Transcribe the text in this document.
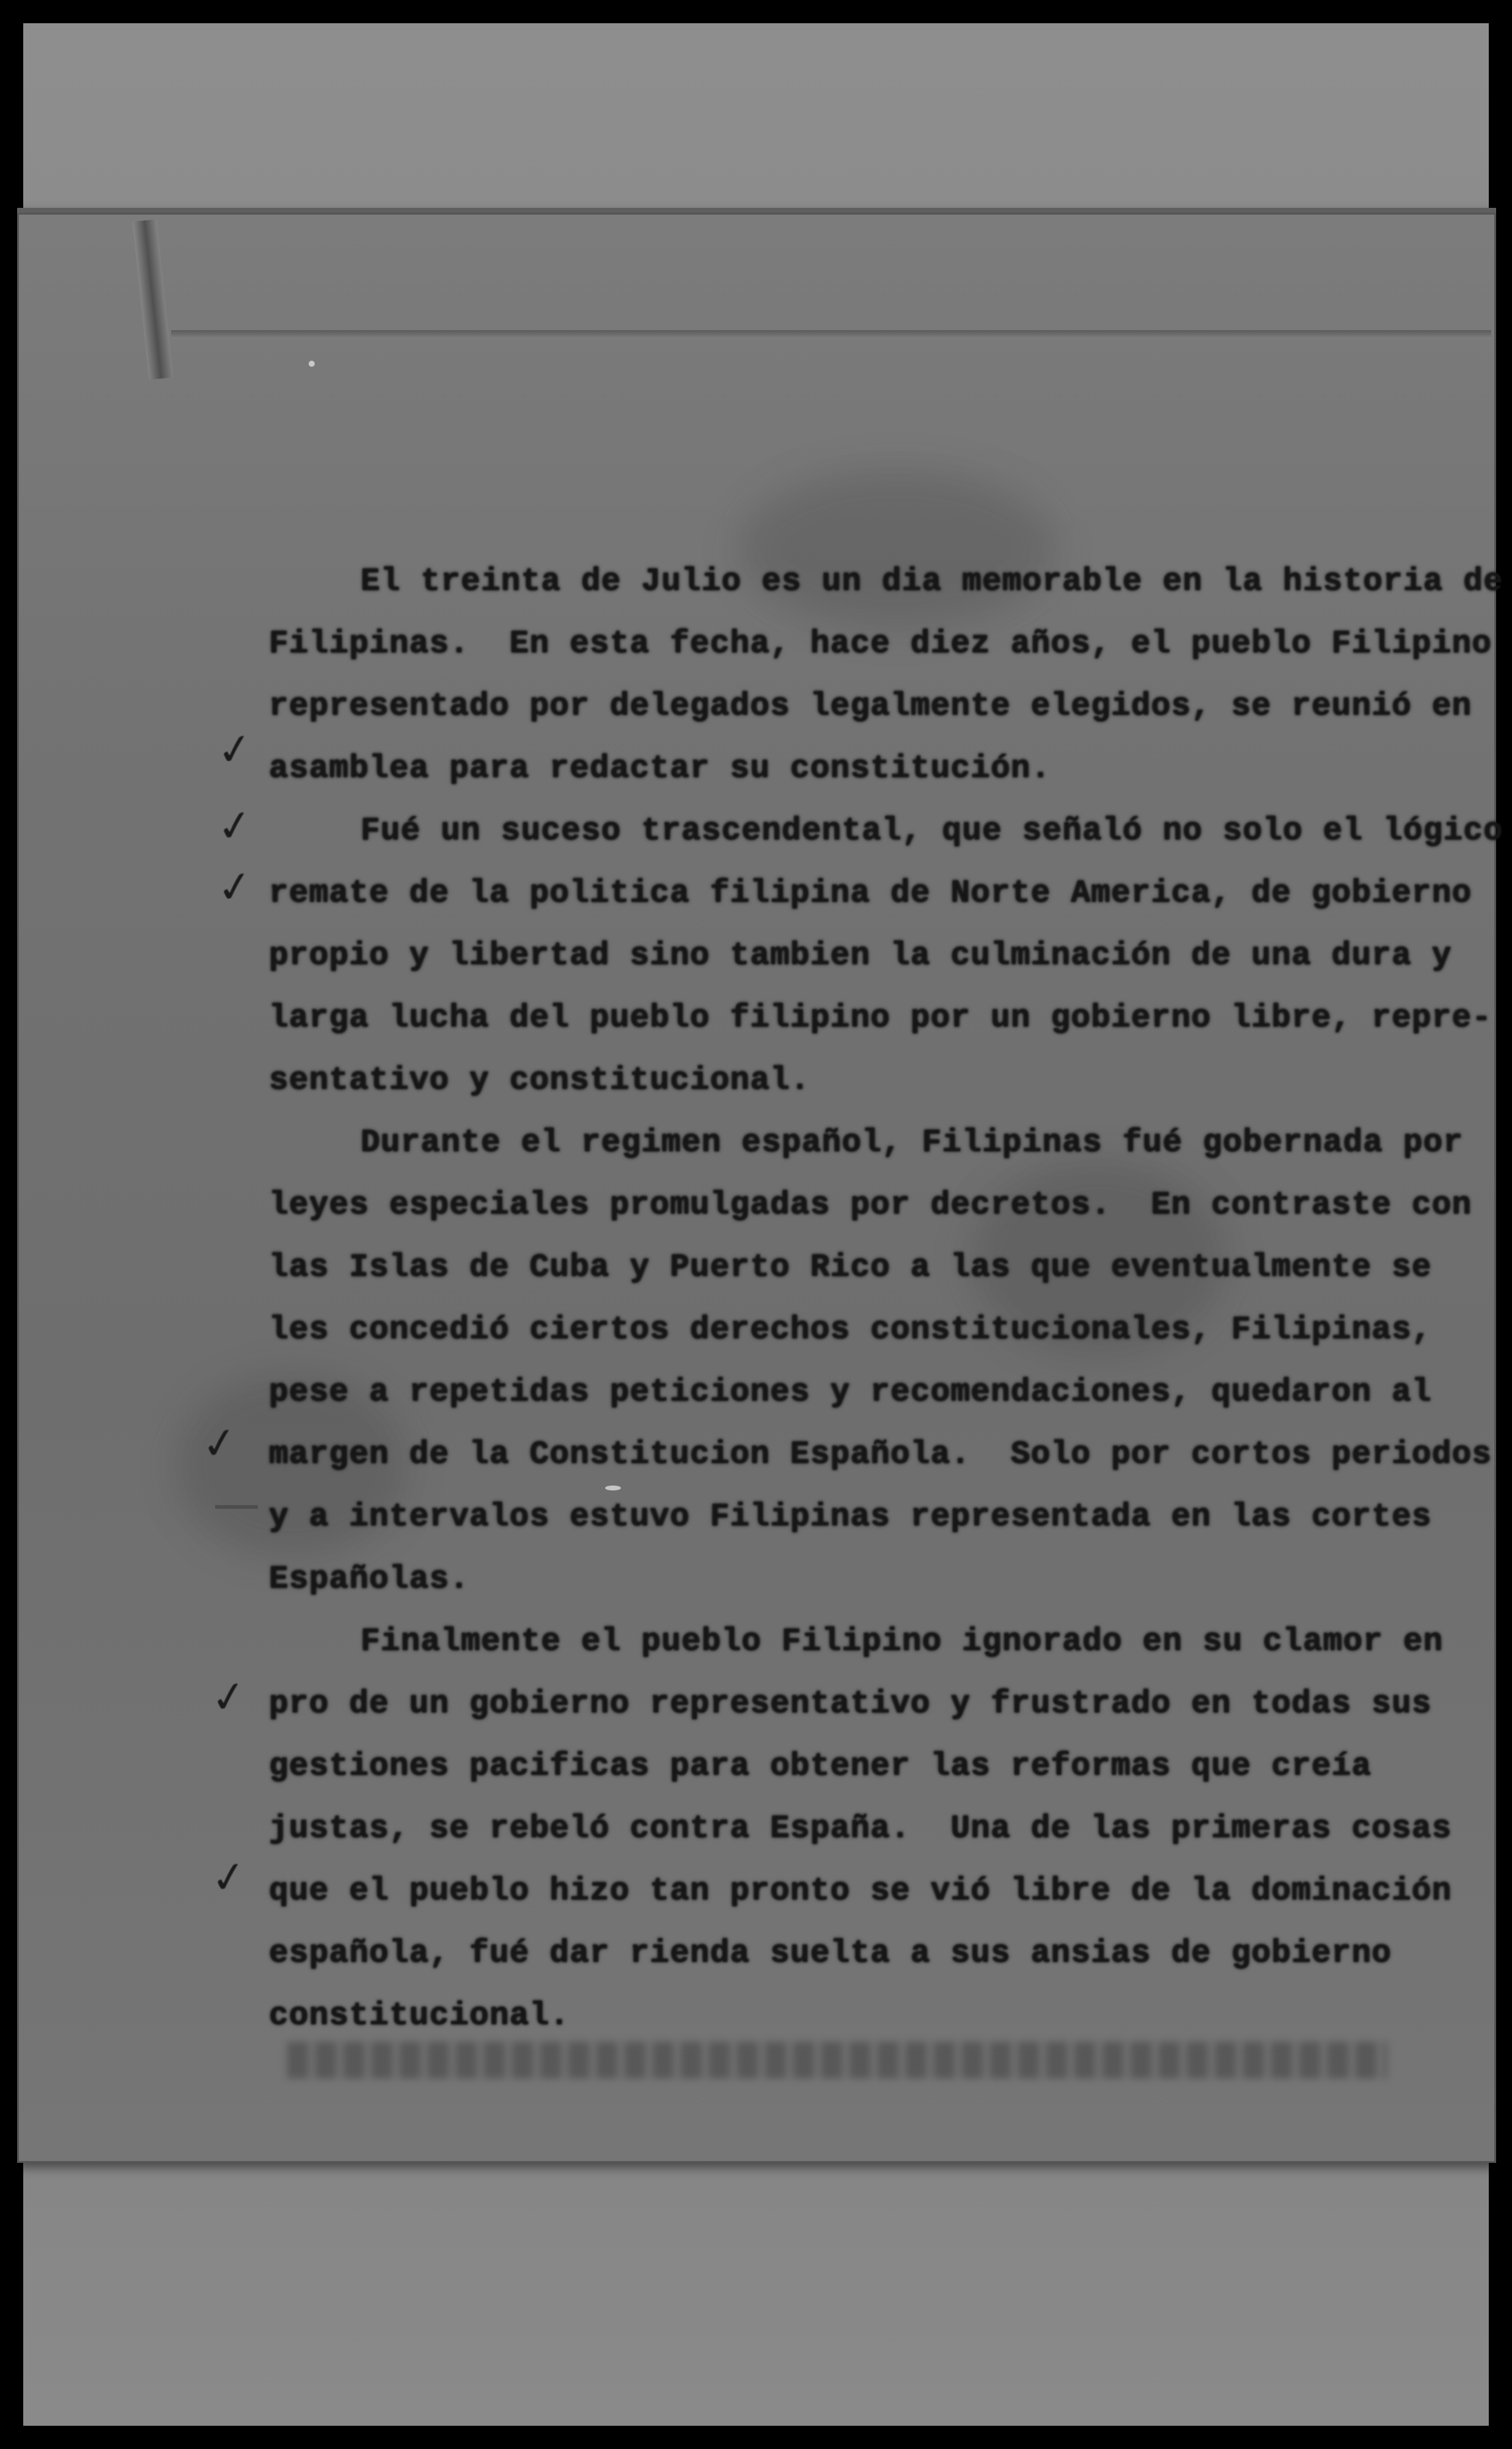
El treinta de Julio es un dia memorable en la historia de
Filipinas.  En esta fecha, hace diez años, el pueblo Filipino
representado por delegados legalmente elegidos, se reunió en
asamblea para redactar su constitución.
Fué un suceso trascendental, que señaló no solo el lógico
remate de la politica filipina de Norte America, de gobierno
propio y libertad sino tambien la culminación de una dura y
larga lucha del pueblo filipino por un gobierno libre, repre-
sentativo y constitucional.
Durante el regimen español, Filipinas fué gobernada por
leyes especiales promulgadas por decretos.  En contraste con
las Islas de Cuba y Puerto Rico a las que eventualmente se
les concedió ciertos derechos constitucionales, Filipinas,
pese a repetidas peticiones y recomendaciones, quedaron al
margen de la Constitucion Española.  Solo por cortos periodos
y a intervalos estuvo Filipinas representada en las cortes
Españolas.
Finalmente el pueblo Filipino ignorado en su clamor en
pro de un gobierno representativo y frustrado en todas sus
gestiones pacificas para obtener las reformas que creía
justas, se rebeló contra España.  Una de las primeras cosas
que el pueblo hizo tan pronto se vió libre de la dominación
española, fué dar rienda suelta a sus ansias de gobierno
constitucional.
✓
✓
✓
✓
✓
✓
